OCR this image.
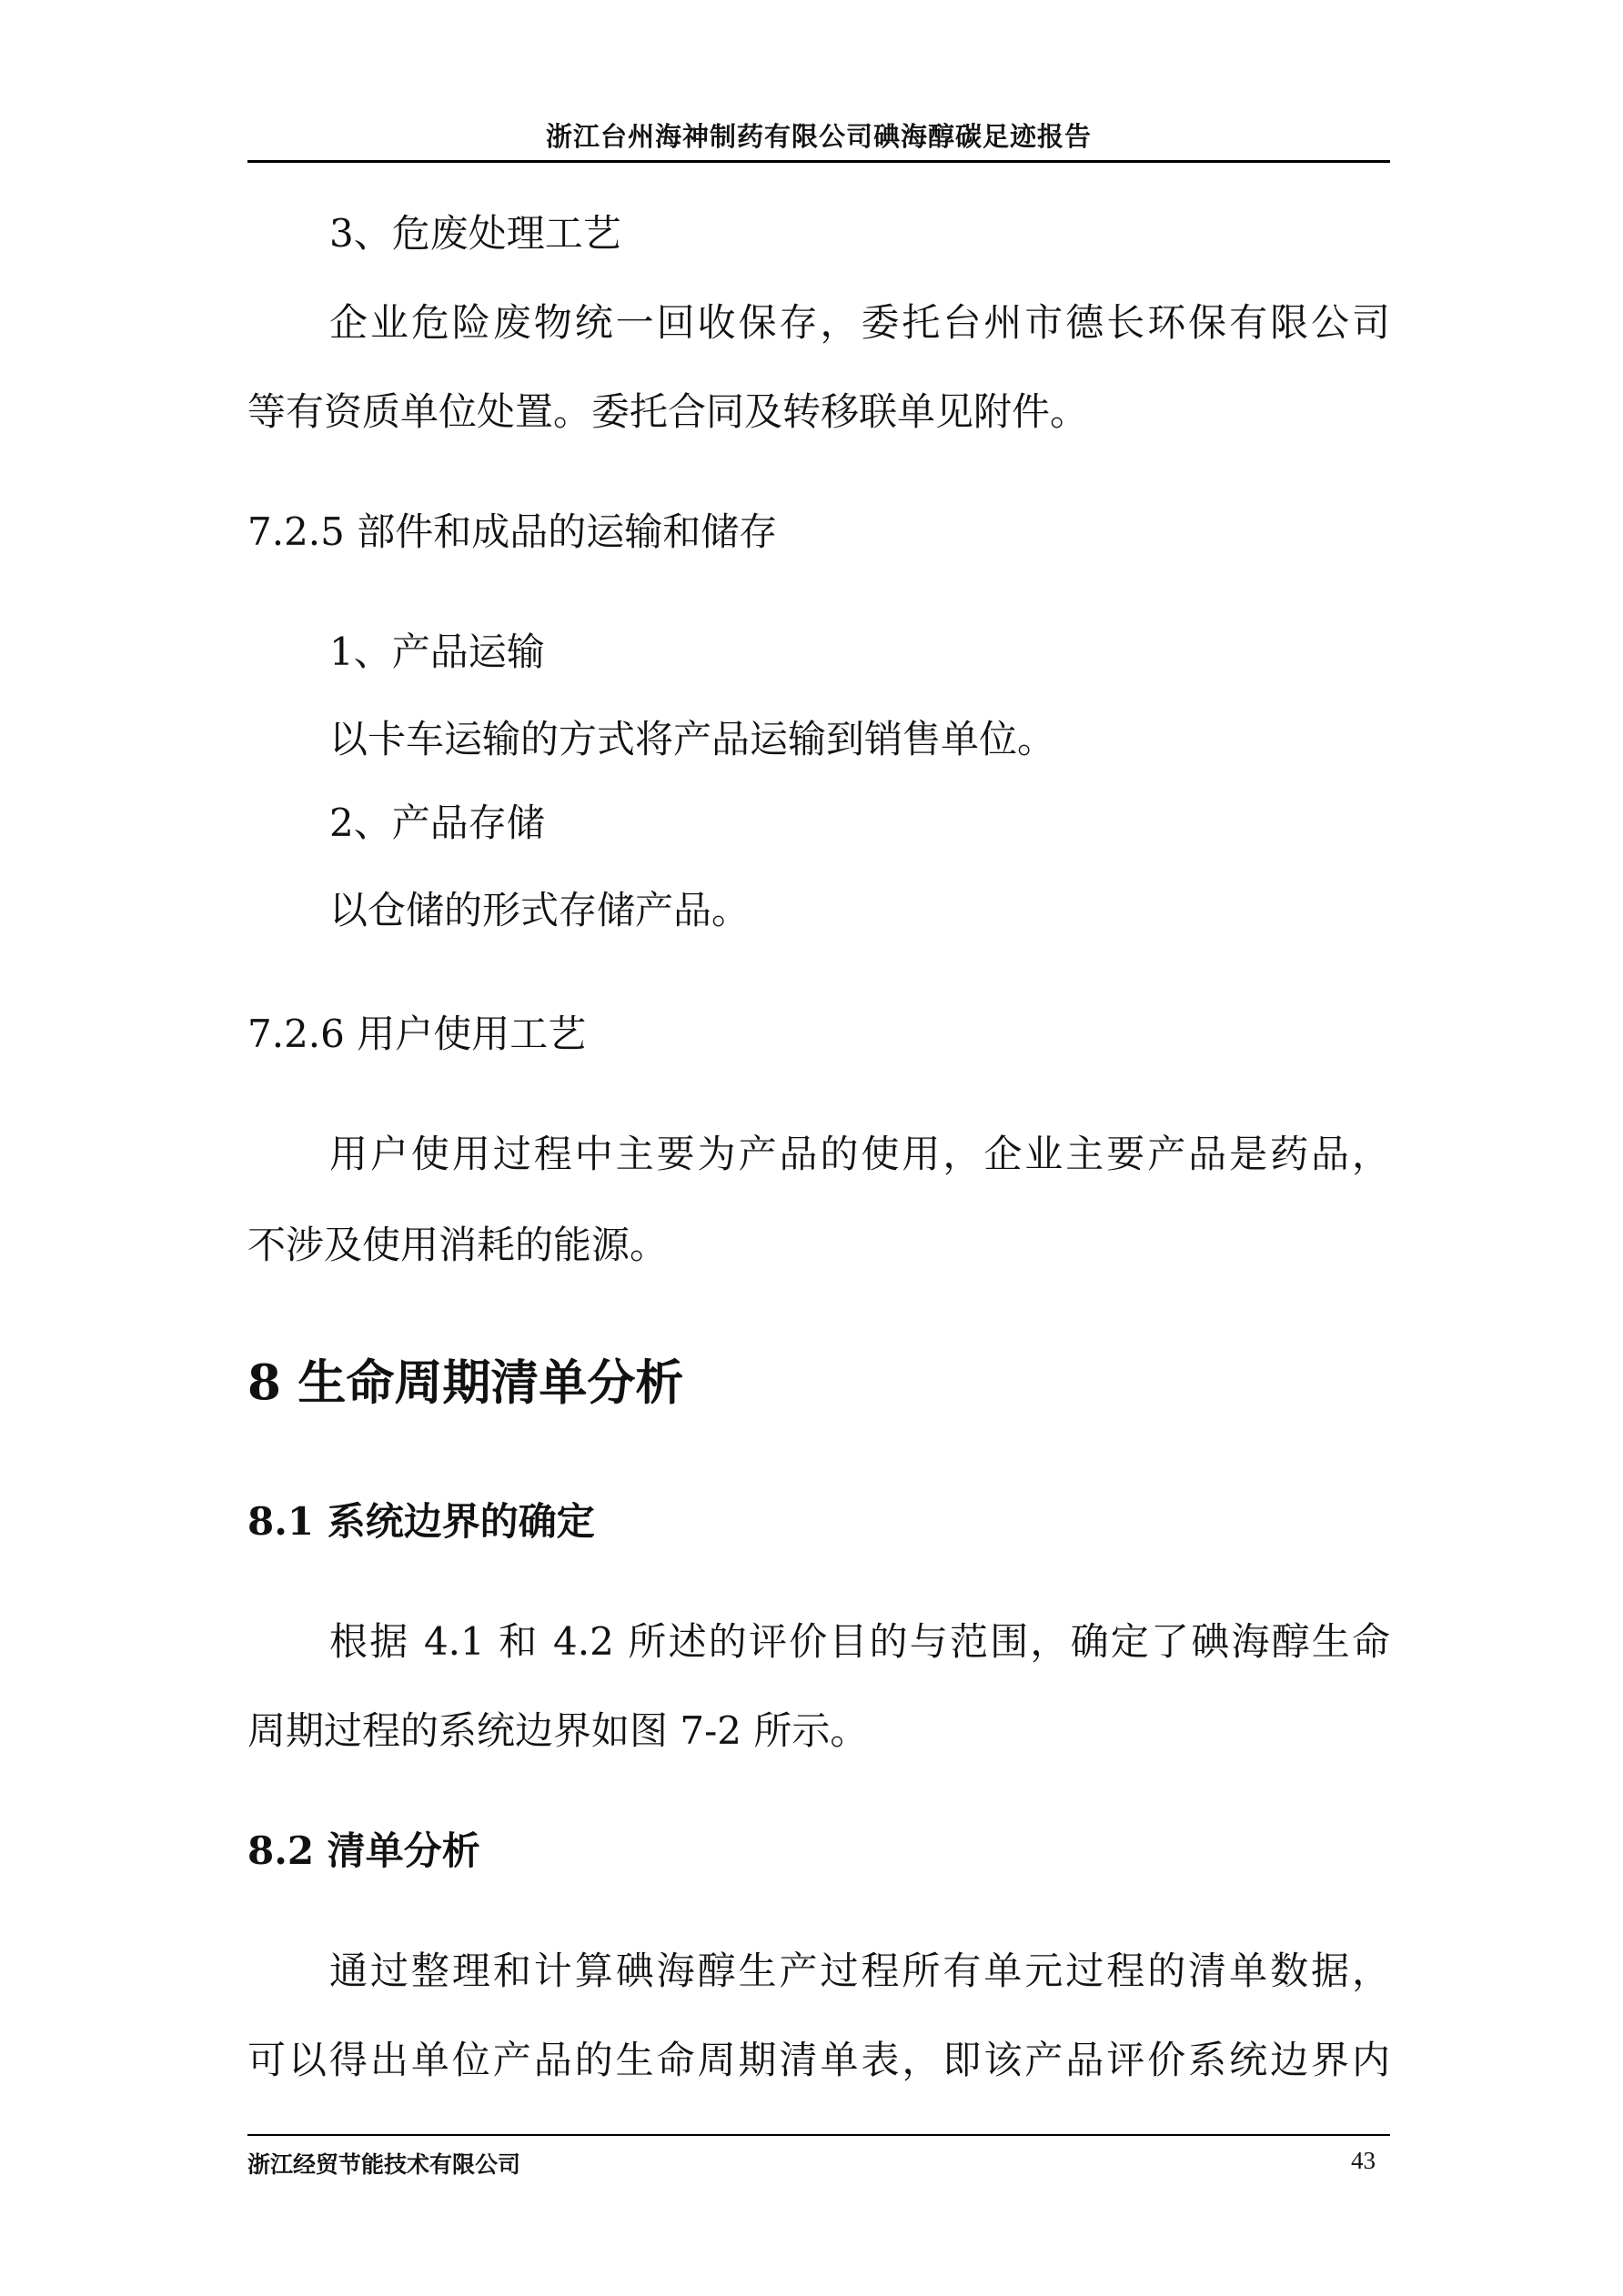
浙江台州海神制药有限公司碘海醇碳足迹报告
3、危废处理工艺
企业危险废物统一回收保存，委托台州市德长环保有限公司
等有资质单位处置。委托合同及转移联单见附件。
7.2.5 部件和成品的运输和储存
1、产品运输
以卡车运输的方式将产品运输到销售单位。
2、产品存储
以仓储的形式存储产品。
7.2.6 用户使用工艺
用户使用过程中主要为产品的使用，企业主要产品是药品，
不涉及使用消耗的能源。
8 生命周期清单分析
8.1 系统边界的确定
根据 4.1 和 4.2 所述的评价目的与范围，确定了碘海醇生命
周期过程的系统边界如图 7-2 所示。
8.2 清单分析
通过整理和计算碘海醇生产过程所有单元过程的清单数据，
可以得出单位产品的生命周期清单表，即该产品评价系统边界内
浙江经贸节能技术有限公司	43
